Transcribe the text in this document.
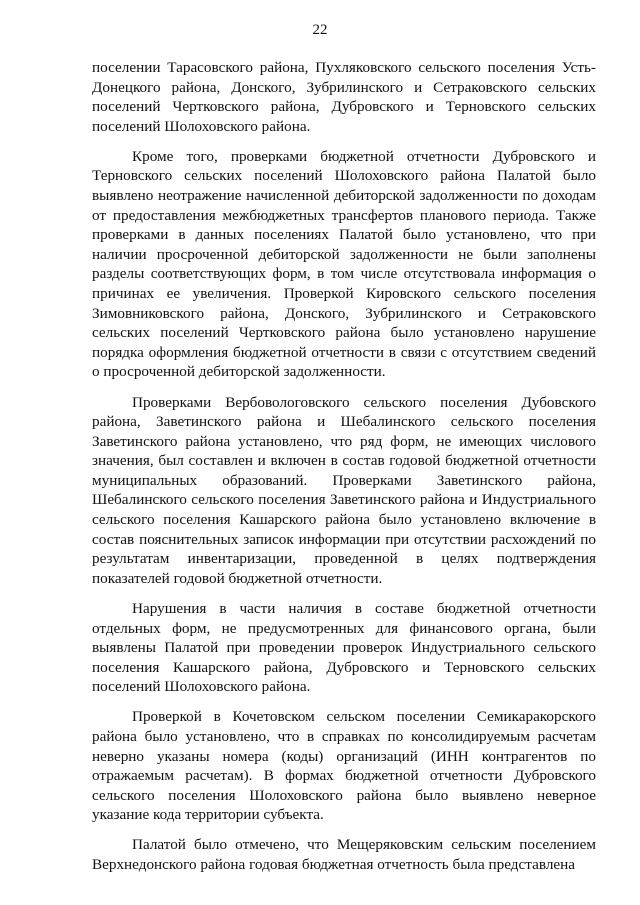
22

поселении Тарасовского района, Пухляковского сельского поселения Усть-Донецкого района, Донского, Зубрилинского и Сетраковского сельских поселений Чертковского района, Дубровского и Терновского сельских поселений Шолоховского района.

Кроме того, проверками бюджетной отчетности Дубровского и Терновского сельских поселений Шолоховского района Палатой было выявлено неотражение начисленной дебиторской задолженности по доходам от предоставления межбюджетных трансфертов планового периода. Также проверками в данных поселениях Палатой было установлено, что при наличии просроченной дебиторской задолженности не были заполнены разделы соответствующих форм, в том числе отсутствовала информация о причинах ее увеличения. Проверкой Кировского сельского поселения Зимовниковского района, Донского, Зубрилинского и Сетраковского сельских поселений Чертковского района было установлено нарушение порядка оформления бюджетной отчетности в связи с отсутствием сведений о просроченной дебиторской задолженности.

Проверками Вербовологовского сельского поселения Дубовского района, Заветинского района и Шебалинского сельского поселения Заветинского района установлено, что ряд форм, не имеющих числового значения, был составлен и включен в состав годовой бюджетной отчетности муниципальных образований. Проверками Заветинского района, Шебалинского сельского поселения Заветинского района и Индустриального сельского поселения Кашарского района было установлено включение в состав пояснительных записок информации при отсутствии расхождений по результатам инвентаризации, проведенной в целях подтверждения показателей годовой бюджетной отчетности.

Нарушения в части наличия в составе бюджетной отчетности отдельных форм, не предусмотренных для финансового органа, были выявлены Палатой при проведении проверок Индустриального сельского поселения Кашарского района, Дубровского и Терновского сельских поселений Шолоховского района.

Проверкой в Кочетовском сельском поселении Семикаракорского района было установлено, что в справках по консолидируемым расчетам неверно указаны номера (коды) организаций (ИНН контрагентов по отражаемым расчетам). В формах бюджетной отчетности Дубровского сельского поселения Шолоховского района было выявлено неверное указание кода территории субъекта.

Палатой было отмечено, что Мещеряковским сельским поселением Верхнедонского района годовая бюджетная отчетность была представлена
